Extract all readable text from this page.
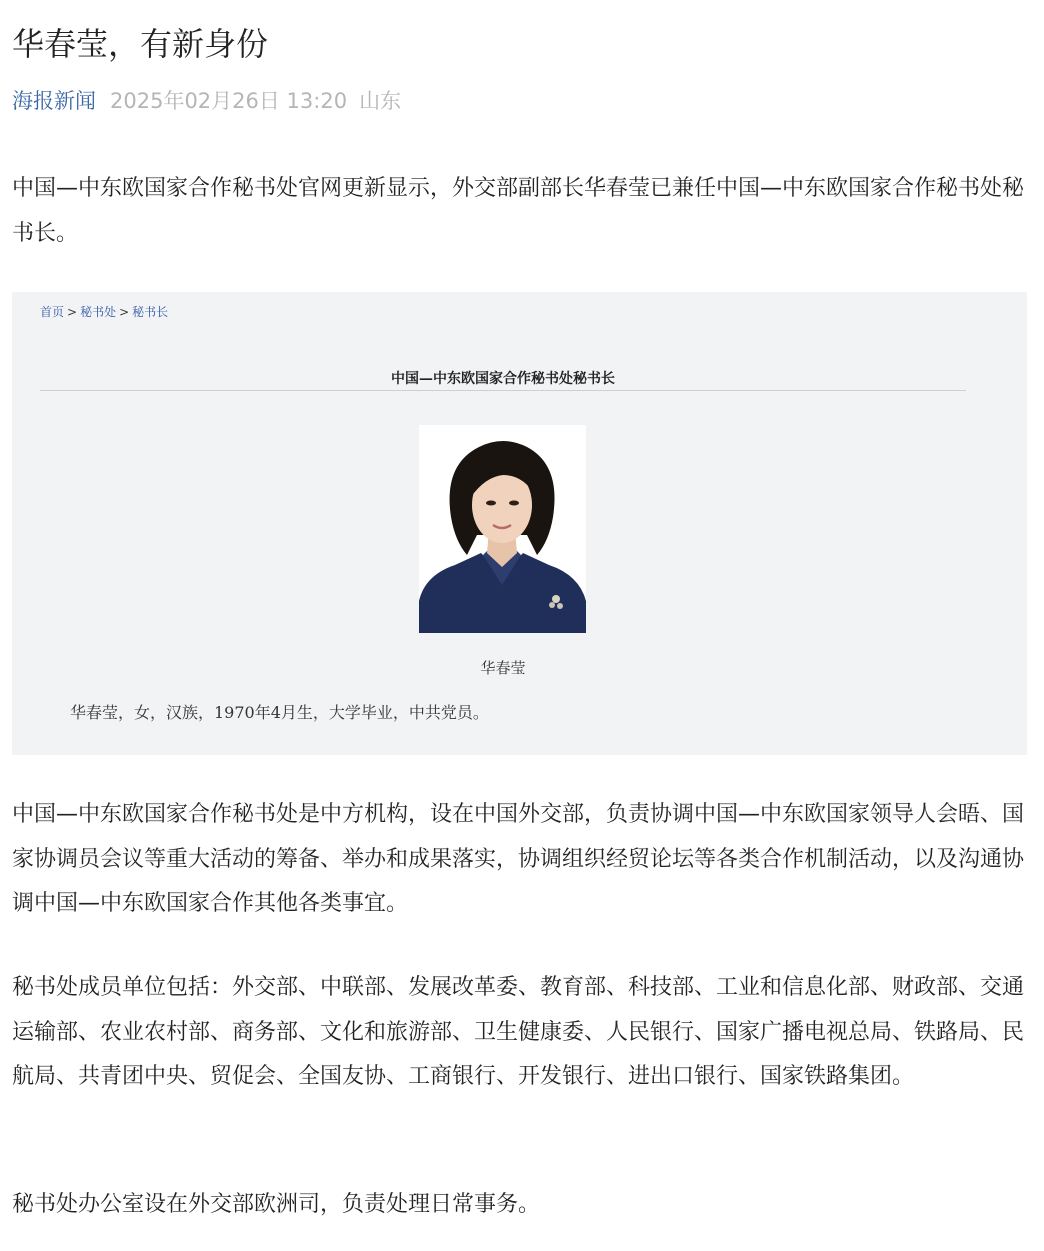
华春莹，有新身份
海报新闻 2025年02月26日 13:20 山东

中国—中东欧国家合作秘书处官网更新显示，外交部副部长华春莹已兼任中国—中东欧国家合作秘书处秘书长。

首页 > 秘书处 > 秘书长
中国—中东欧国家合作秘书处秘书长
华春莹
华春莹，女，汉族，1970年4月生，大学毕业，中共党员。

中国—中东欧国家合作秘书处是中方机构，设在中国外交部，负责协调中国—中东欧国家领导人会晤、国家协调员会议等重大活动的筹备、举办和成果落实，协调组织经贸论坛等各类合作机制活动，以及沟通协调中国—中东欧国家合作其他各类事宜。

秘书处成员单位包括：外交部、中联部、发展改革委、教育部、科技部、工业和信息化部、财政部、交通运输部、农业农村部、商务部、文化和旅游部、卫生健康委、人民银行、国家广播电视总局、铁路局、民航局、共青团中央、贸促会、全国友协、工商银行、开发银行、进出口银行、国家铁路集团。

秘书处办公室设在外交部欧洲司，负责处理日常事务。
